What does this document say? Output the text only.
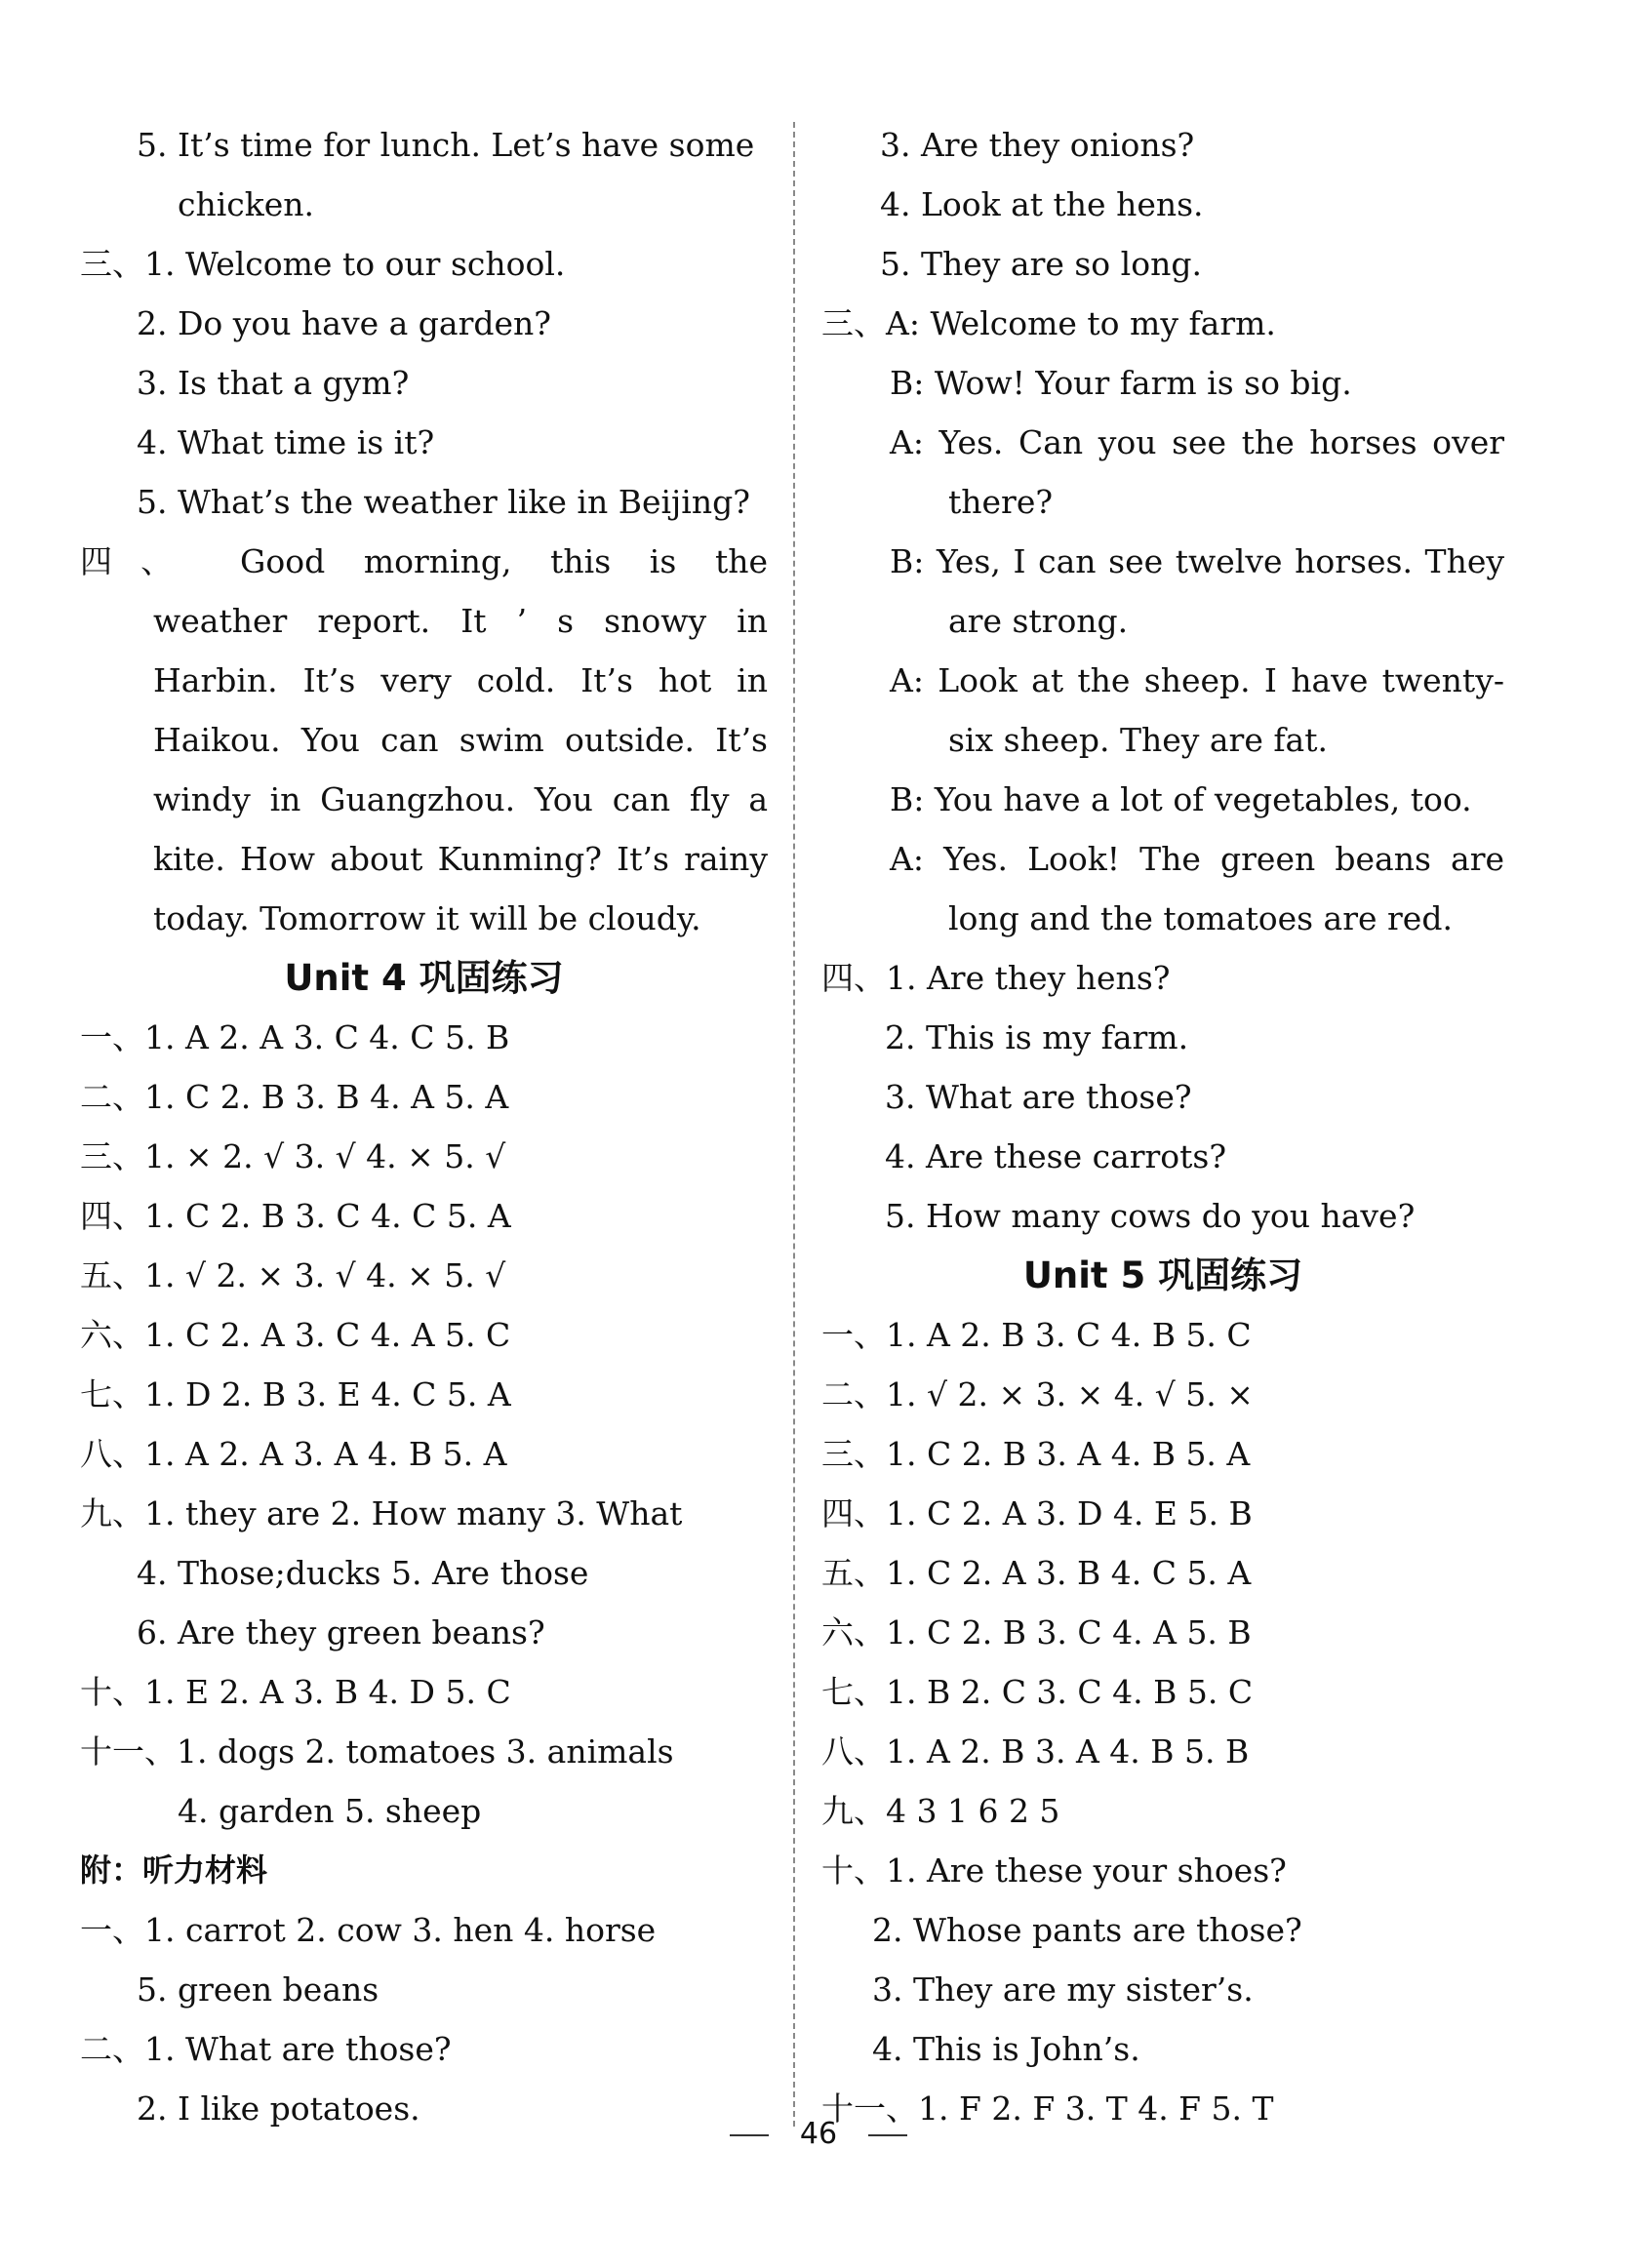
5. It’s time for lunch. Let’s have some
chicken.
三、1. Welcome to our school.
2. Do you have a garden?
3. Is that a gym?
4. What time is it?
5. What’s the weather like in Beijing?
四、 Good morning, this is the
weather report. It ’ s snowy in
Harbin. It’s very cold. It’s hot in
Haikou. You can swim outside. It’s
windy in Guangzhou. You can fly a
kite. How about Kunming? It’s rainy
today. Tomorrow it will be cloudy.
Unit 4 巩固练习
一、1. A 2. A 3. C 4. C 5. B
二、1. C 2. B 3. B 4. A 5. A
三、1. × 2. √ 3. √ 4. × 5. √
四、1. C 2. B 3. C 4. C 5. A
五、1. √ 2. × 3. √ 4. × 5. √
六、1. C 2. A 3. C 4. A 5. C
七、1. D 2. B 3. E 4. C 5. A
八、1. A 2. A 3. A 4. B 5. A
九、1. they are 2. How many 3. What
4. Those;ducks 5. Are those
6. Are they green beans?
十、1. E 2. A 3. B 4. D 5. C
十一、1. dogs 2. tomatoes 3. animals
4. garden 5. sheep
附：听力材料
一、1. carrot 2. cow 3. hen 4. horse
5. green beans
二、1. What are those?
2. I like potatoes.
3. Are they onions?
4. Look at the hens.
5. They are so long.
三、A: Welcome to my farm.
B: Wow! Your farm is so big.
A: Yes. Can you see the horses over
there?
B: Yes, I can see twelve horses. They
are strong.
A: Look at the sheep. I have twenty-
six sheep. They are fat.
B: You have a lot of vegetables, too.
A: Yes. Look! The green beans are
long and the tomatoes are red.
四、1. Are they hens?
2. This is my farm.
3. What are those?
4. Are these carrots?
5. How many cows do you have?
Unit 5 巩固练习
一、1. A 2. B 3. C 4. B 5. C
二、1. √ 2. × 3. × 4. √ 5. ×
三、1. C 2. B 3. A 4. B 5. A
四、1. C 2. A 3. D 4. E 5. B
五、1. C 2. A 3. B 4. C 5. A
六、1. C 2. B 3. C 4. A 5. B
七、1. B 2. C 3. C 4. B 5. C
八、1. A 2. B 3. A 4. B 5. B
九、4 3 1 6 2 5
十、1. Are these your shoes?
2. Whose pants are those?
3. They are my sister’s.
4. This is John’s.
十一、1. F 2. F 3. T 4. F 5. T
46
